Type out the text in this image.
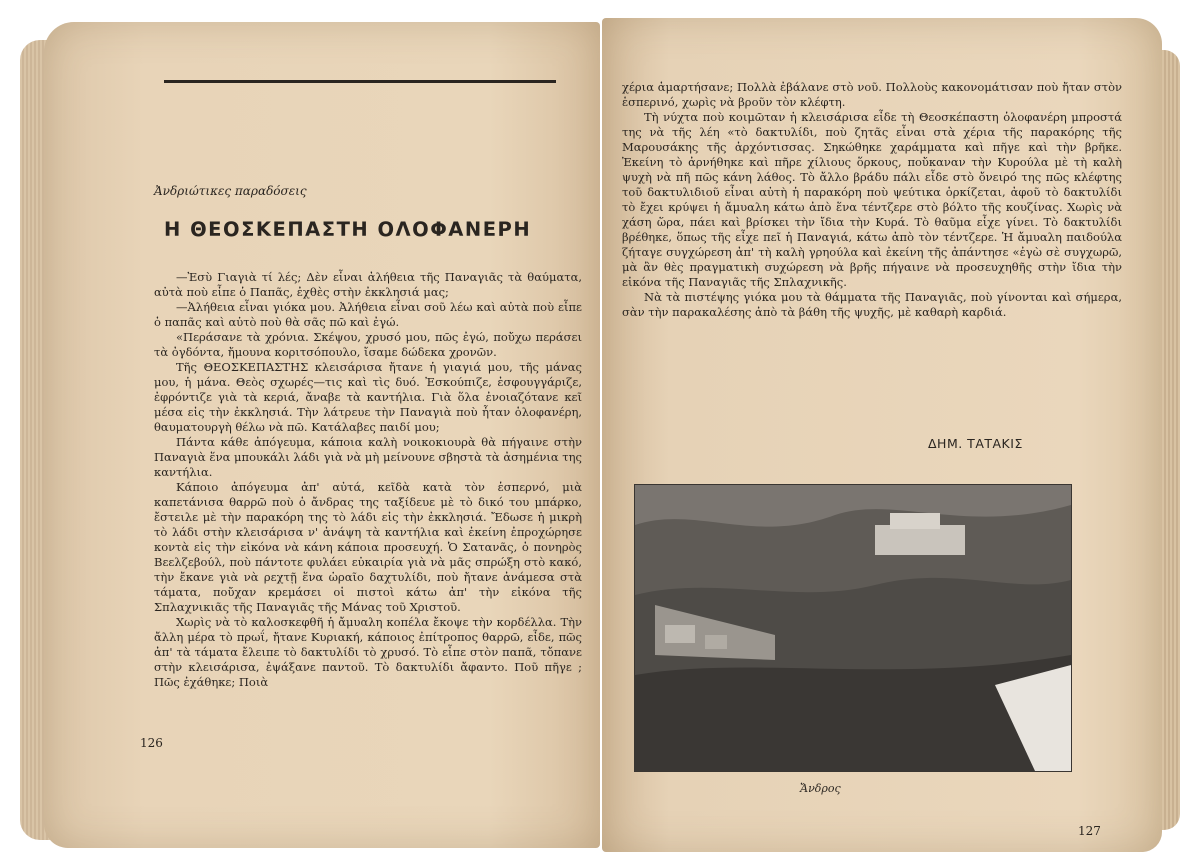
Ἀνδριώτικες παραδόσεις
Η ΘΕΟΣΚΕΠΑΣΤΗ ΟΛΟΦΑΝΕΡΗ

—Ἐσὺ Γιαγιὰ τί λές; Δὲν εἶναι ἀλήθεια τῆς Παναγιᾶς τὰ θαύματα, αὐτὰ ποὺ εἶπε ὁ Παπᾶς, ἐχθὲς στὴν ἐκκλησιά μας;

—Ἀλήθεια εἶναι γιόκα μου. Ἀλήθεια εἶναι σοῦ λέω καὶ αὐτὰ ποὺ εἶπε ὁ παπᾶς καὶ αὐτὸ ποὺ θὰ σᾶς πῶ καὶ ἐγώ.

«Περάσανε τὰ χρόνια. Σκέψου, χρυσό μου, πῶς ἐγώ, ποὔχω περάσει τὰ ὀγδόντα, ἤμουνα κοριτσόπουλο, ἴσαμε δώδεκα χρονῶν.

Τῆς ΘΕΟΣΚΕΠΑΣΤΗΣ κλεισάρισα ἤτανε ἡ γιαγιά μου, τῆς μάνας μου, ἡ μάνα. Θεὸς σχωρές—τις καὶ τὶς δυό. Ἐσκούπιζε, ἐσφουγγάριζε, ἐφρόντιζε γιὰ τὰ κεριά, ἄναβε τὰ καντήλια. Γιὰ ὅλα ἐνοιαζότανε κεῖ μέσα εἰς τὴν ἐκκλησιά. Τὴν λάτρευε τὴν Παναγιὰ ποὺ ἦταν ὁλοφανέρη, θαυματουργὴ θέλω νὰ πῶ. Κατάλαβες παιδί μου;

Πάντα κάθε ἀπόγευμα, κάποια καλὴ νοικοκιουρὰ θὰ πήγαινε στὴν Παναγιὰ ἕνα μπουκάλι λάδι γιὰ νὰ μὴ μείνουνε σβηστὰ τὰ ἀσημένια της καντήλια.

Κάποιο ἀπόγευμα ἀπ' αὐτά, κεῖδὰ κατὰ τὸν ἑσπερνό, μιὰ καπετάνισα θαρρῶ ποὺ ὁ ἄνδρας της ταξίδευε μὲ τὸ δικό του μπάρκο, ἔστειλε μὲ τὴν παρακόρη της τὸ λάδι εἰς τὴν ἐκκλησιά. Ἔδωσε ἡ μικρὴ τὸ λάδι στὴν κλεισάρισα ν' ἀνάψη τὰ καντήλια καὶ ἐκείνη ἐπροχώρησε κοντὰ εἰς τὴν εἰκόνα νὰ κάνη κάποια προσευχή. Ὁ Σατανᾶς, ὁ πονηρὸς Βεελζεβούλ, ποὺ πάντοτε φυλάει εὐκαιρία γιὰ νὰ μᾶς σπρώξη στὸ κακό, τὴν ἔκανε γιὰ νὰ ρεχτῇ ἕνα ὡραῖο δαχτυλίδι, ποὺ ἤτανε ἀνάμεσα στὰ τάματα, ποὔχαν κρεμάσει οἱ πιστοὶ κάτω ἀπ' τὴν εἰκόνα τῆς Σπλαχνικιᾶς τῆς Παναγιᾶς τῆς Μάνας τοῦ Χριστοῦ.

Χωρὶς νὰ τὸ καλοσκεφθῆ ἡ ἄμυαλη κοπέλα ἔκοψε τὴν κορδέλλα. Τὴν ἄλλη μέρα τὸ πρωΐ, ἤτανε Κυριακή, κάποιος ἐπίτροπος θαρρῶ, εἶδε, πῶς ἀπ' τὰ τάματα ἔλειπε τὸ δακτυλίδι τὸ χρυσό. Τὸ εἶπε στὸν παπᾶ, τὄπανε στὴν κλεισάρισα, ἐψάξανε παντοῦ. Τὸ δακτυλίδι ἄφαντο. Ποῦ πῆγε ; Πῶς ἐχάθηκε; Ποιὰ

126

χέρια ἁμαρτήσανε; Πολλὰ ἐβάλανε στὸ νοῦ. Πολλοὺς κακονομάτισαν ποὺ ἤταν στὸν ἑσπερινό, χωρὶς νὰ βροῦν τὸν κλέφτη.

Τὴ νύχτα ποὺ κοιμῶταν ἡ κλεισάρισα εἶδε τὴ Θεοσκέπαστη ὁλοφανέρη μπροστά της νὰ τῆς λέη «τὸ δακτυλίδι, ποὺ ζητᾶς εἶναι στὰ χέρια τῆς παρακόρης τῆς Μαρουσάκης τῆς ἀρχόντισσας. Σηκώθηκε χαράμματα καὶ πῆγε καὶ τὴν βρῆκε. Ἐκείνη τὸ ἀρνήθηκε καὶ πῆρε χίλιους ὅρκους, ποὔκαναν τὴν Κυρούλα μὲ τὴ καλὴ ψυχὴ νὰ πῆ πῶς κάνη λάθος. Τὸ ἄλλο βράδυ πάλι εἶδε στὸ ὄνειρό της πῶς κλέφτης τοῦ δακτυλιδιοῦ εἶναι αὐτὴ ἡ παρακόρη ποὺ ψεύτικα ὁρκίζεται, ἀφοῦ τὸ δακτυλίδι τὸ ἔχει κρύψει ἡ ἄμυαλη κάτω ἀπὸ ἕνα τέντζερε στὸ βόλτο τῆς κουζίνας. Χωρὶς νὰ χάση ὥρα, πάει καὶ βρίσκει τὴν ἴδια τὴν Κυρά. Τὸ θαῦμα εἶχε γίνει. Τὸ δακτυλίδι βρέθηκε, ὅπως τῆς εἶχε πεῖ ἡ Παναγιά, κάτω ἀπὸ τὸν τέντζερε. Ἡ ἄμυαλη παιδούλα ζήταγε συγχώρεση ἀπ' τὴ καλὴ γρηούλα καὶ ἐκείνη τῆς ἀπάντησε «ἐγὼ σὲ συγχωρῶ, μὰ ἂν θὲς πραγματικὴ συχώρεση νὰ βρῆς πήγαινε νὰ προσευχηθῆς στὴν ἴδια τὴν εἰκόνα τῆς Παναγιᾶς τῆς Σπλαχνικῆς.

Νὰ τὰ πιστέψης γιόκα μου τὰ θάμματα τῆς Παναγιᾶς, ποὺ γίνονται καὶ σήμερα, σὰν τὴν παρακαλέσης ἀπὸ τὰ βάθη τῆς ψυχῆς, μὲ καθαρὴ καρδιά.

ΔΗΜ. ΤΑΤΑΚΙΣ
Ἄνδρος
127
